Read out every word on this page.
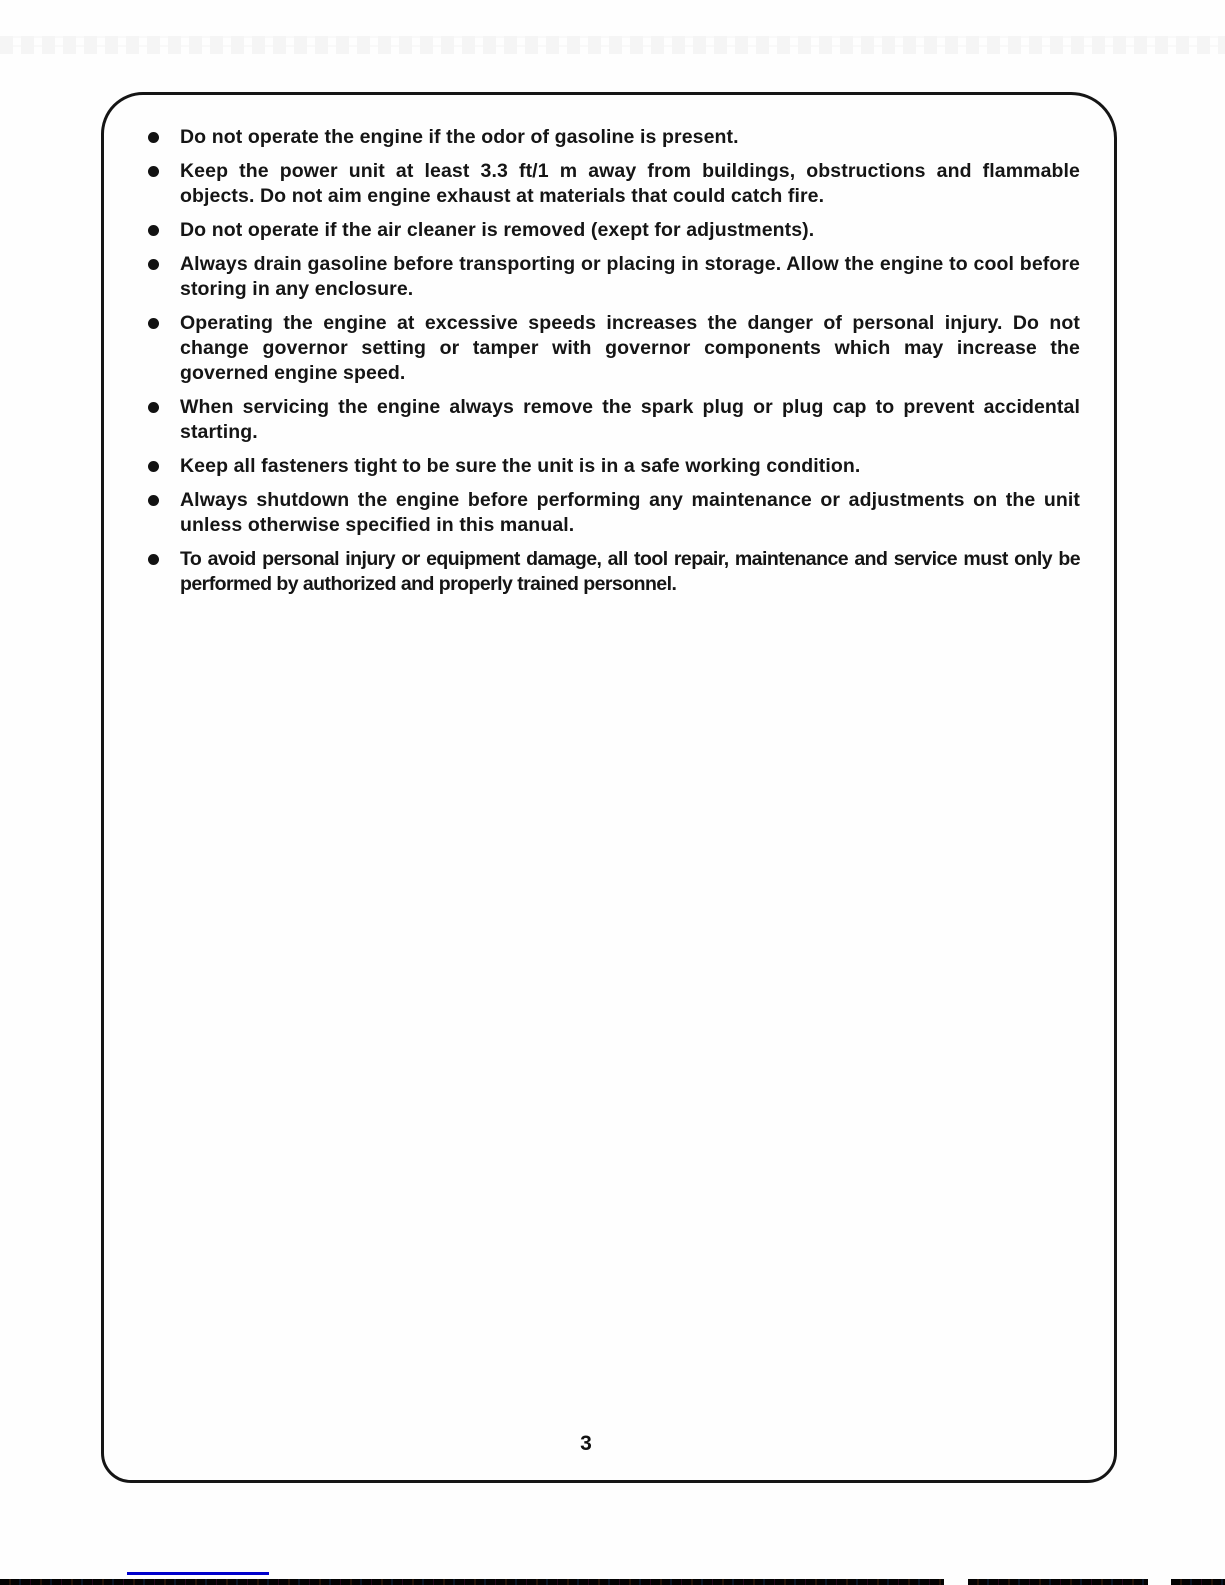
Do not operate the engine if the odor of gasoline is present.

Keep the power unit at least 3.3 ft/1 m away from buildings, obstructions and flammable objects. Do not aim engine exhaust at materials that could catch fire.

Do not operate if the air cleaner is removed (exept for adjustments).

Always drain gasoline before transporting or placing in storage. Allow the engine to cool before storing in any enclosure.

Operating the engine at excessive speeds increases the danger of personal injury. Do not change governor setting or tamper with governor components which may increase the governed engine speed.

When servicing the engine always remove the spark plug or plug cap to prevent accidental starting.

Keep all fasteners tight to be sure the unit is in a safe working condition.

Always shutdown the engine before performing any maintenance or adjustments on the unit unless otherwise specified in this manual.

To avoid personal injury or equipment damage, all tool repair, maintenance and service must only be performed by authorized and properly trained personnel.

3
